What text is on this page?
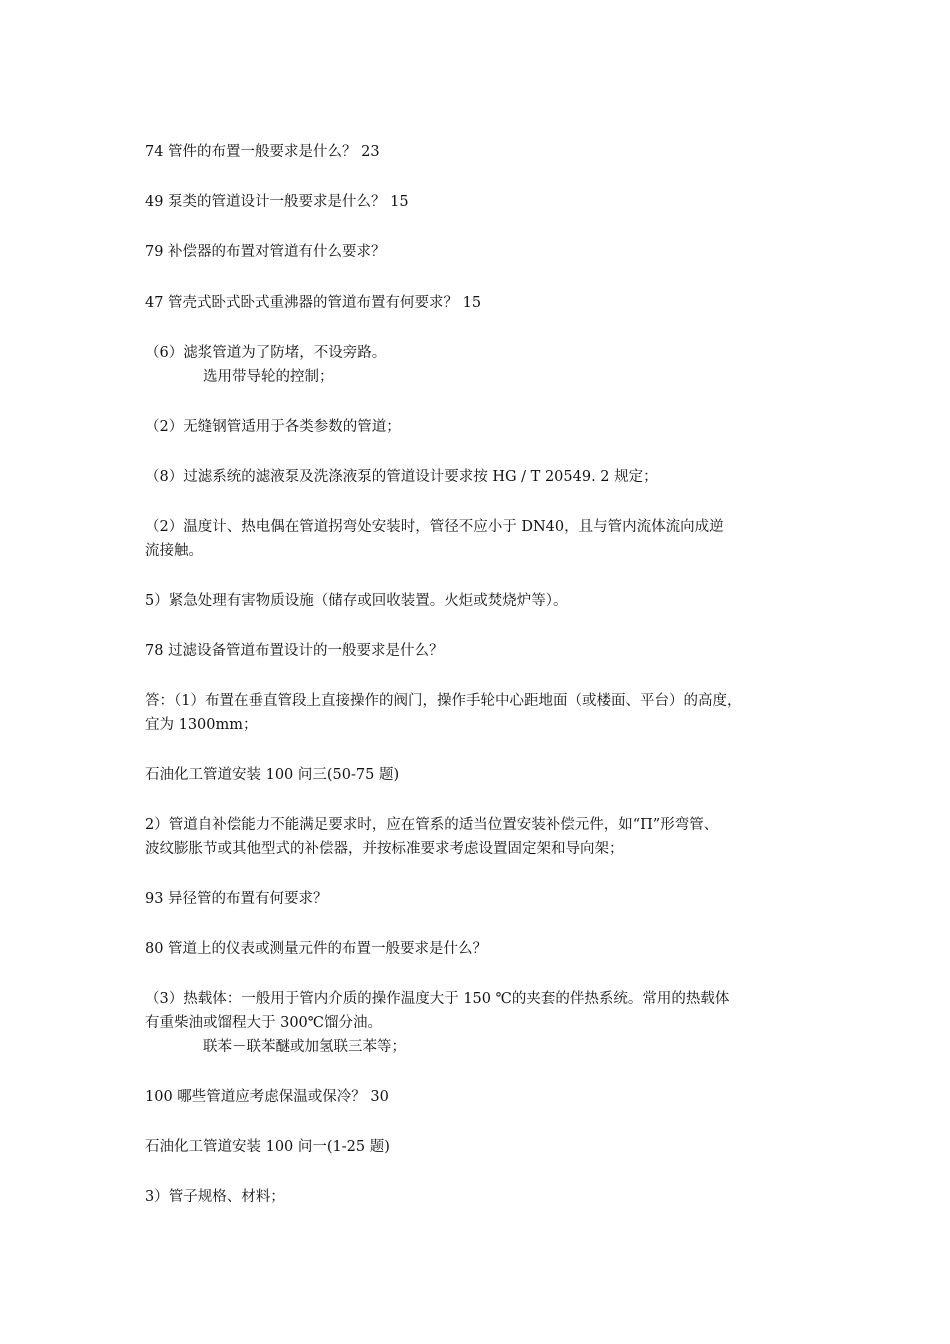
74 管件的布置一般要求是什么？ 23
49 泵类的管道设计一般要求是什么？ 15
79 补偿器的布置对管道有什么要求？
47 管壳式卧式卧式重沸器的管道布置有何要求？ 15
（6）滤浆管道为了防堵，不设旁路。
选用带导轮的控制；
（2）无缝钢管适用于各类参数的管道；
（8）过滤系统的滤液泵及洗涤液泵的管道设计要求按 HG / T 20549. 2 规定；
（2）温度计、热电偶在管道拐弯处安装时，管径不应小于 DN40，且与管内流体流向成逆
流接触。
5）紧急处理有害物质设施（储存或回收装置。火炬或焚烧炉等）。
78 过滤设备管道布置设计的一般要求是什么？
答：（1）布置在垂直管段上直接操作的阀门，操作手轮中心距地面（或楼面、平台）的高度，
宜为 1300mm；
石油化工管道安装 100 问三(50-75 题)
2）管道自补偿能力不能满足要求时，应在管系的适当位置安装补偿元件，如“Π”形弯管、
波纹膨胀节或其他型式的补偿器，并按标准要求考虑设置固定架和导向架；
93 异径管的布置有何要求？
80 管道上的仪表或测量元件的布置一般要求是什么？
（3）热载体：一般用于管内介质的操作温度大于 150 ℃的夹套的伴热系统。常用的热载体
有重柴油或馏程大于 300℃馏分油。
联苯－联苯醚或加氢联三苯等；
100 哪些管道应考虑保温或保冷？ 30
石油化工管道安装 100 问一(1-25 题)
3）管子规格、材料；
